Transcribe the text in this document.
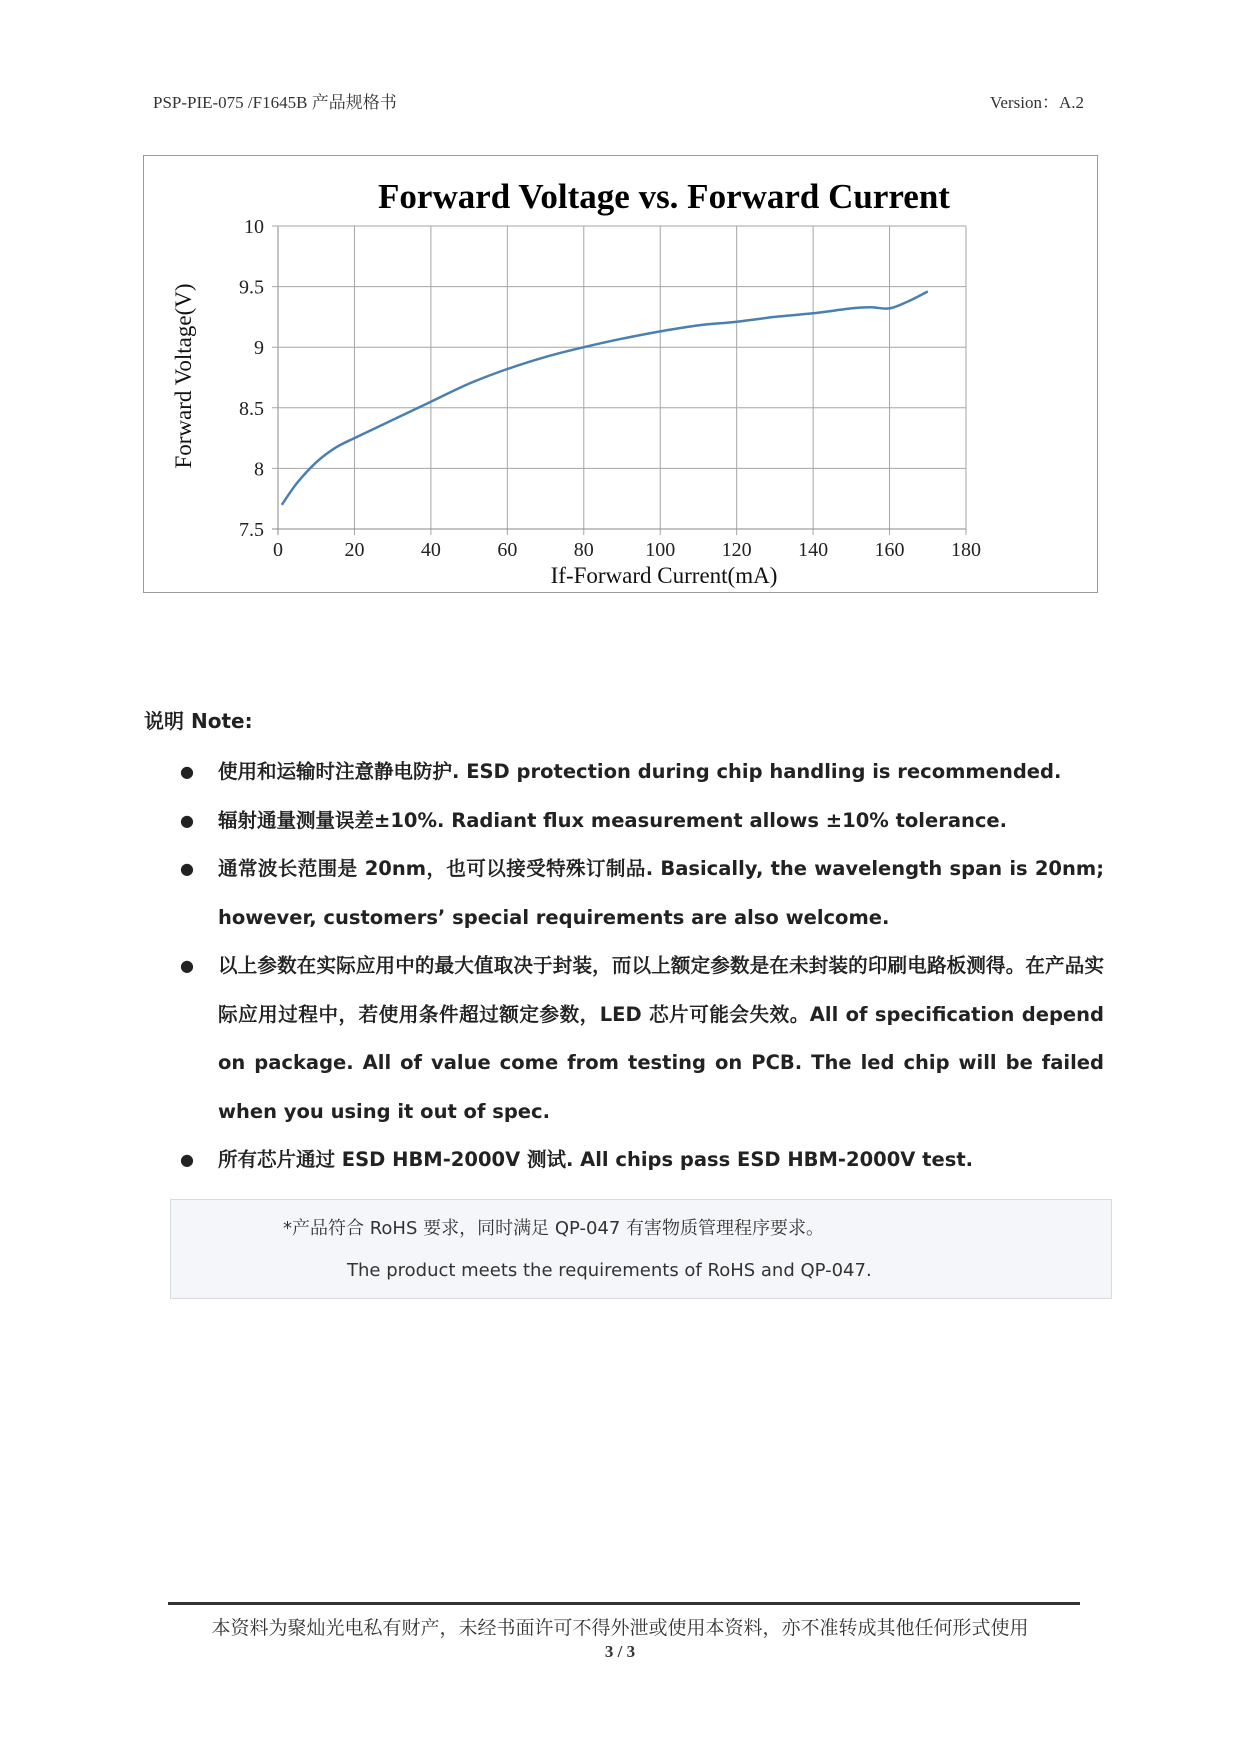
PSP-PIE-075 /F1645B 产品规格书	Version：A.2
Forward Voltage vs. Forward Current
0	20	40	60	80	100 120 140 160 180
7.5
8
8.5
9
9.5
10
If-Forward Current(mA)
Forward Voltage(V)
说明 Note:
● 使用和运输时注意静电防护. ESD protection during chip handling is recommended.
● 辐射通量测量误差±10%. Radiant flux measurement allows ±10% tolerance.
● 通常波长范围是 20nm，也可以接受特殊订制品. Basically, the wavelength span is 20nm; however, customers’ special requirements are also welcome.
● 以上参数在实际应用中的最大值取决于封装，而以上额定参数是在未封装的印刷电路板测得。在产品实际应用过程中，若使用条件超过额定参数，LED 芯片可能会失效。All of specification depend on package. All of value come from testing on PCB. The led chip will be failed when you using it out of spec.
● 所有芯片通过 ESD HBM-2000V 测试. All chips pass ESD HBM-2000V test.
*产品符合 RoHS 要求，同时满足 QP-047 有害物质管理程序要求。
The product meets the requirements of RoHS and QP-047.
本资料为聚灿光电私有财产，未经书面许可不得外泄或使用本资料，亦不准转成其他任何形式使用
3 / 3
